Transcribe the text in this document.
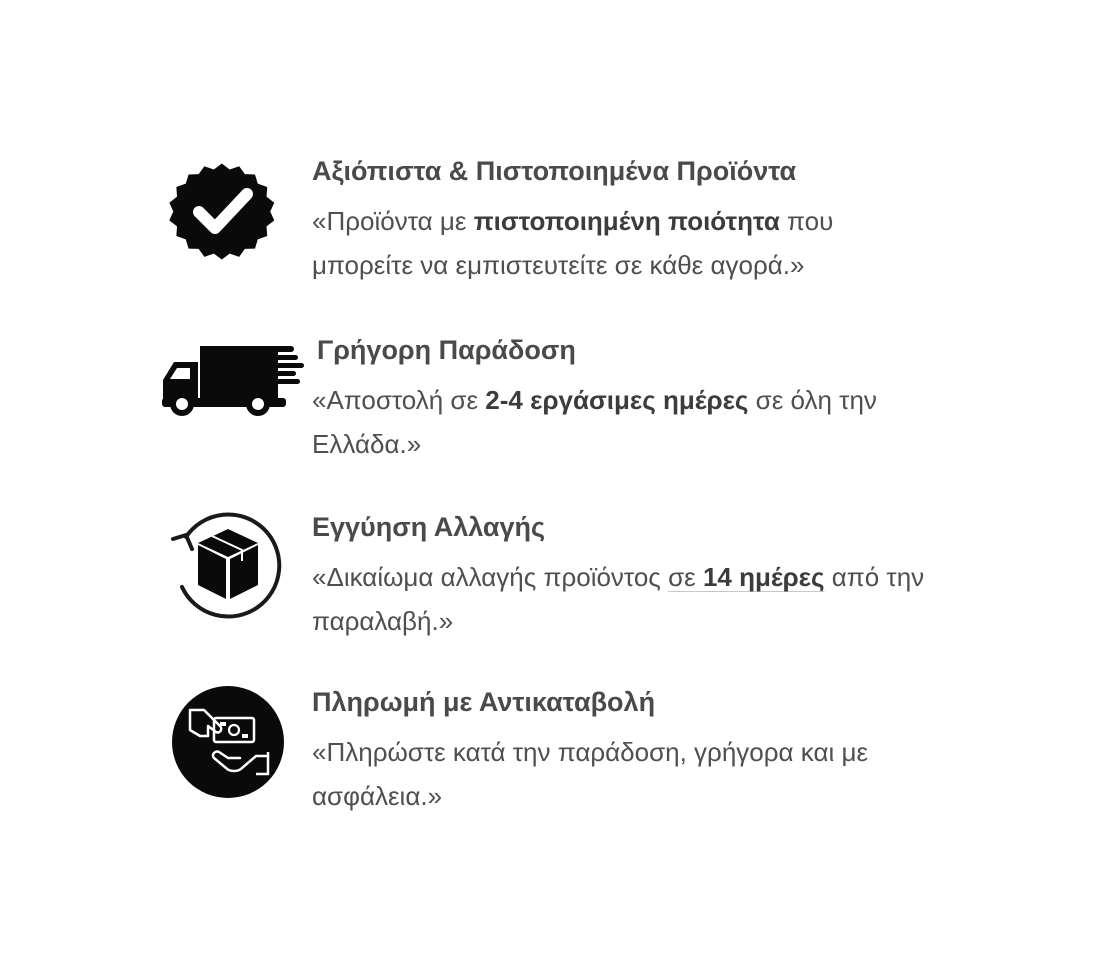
Αξιόπιστα & Πιστοποιημένα Προϊόντα

«Προϊόντα με πιστοποιημένη ποιότητα που μπορείτε να εμπιστευτείτε σε κάθε αγορά.»

Γρήγορη Παράδοση

«Αποστολή σε 2-4 εργάσιμες ημέρες σε όλη την Ελλάδα.»

Εγγύηση Αλλαγής

«Δικαίωμα αλλαγής προϊόντος σε 14 ημέρες από την παραλαβή.»

Πληρωμή με Αντικαταβολή

«Πληρώστε κατά την παράδοση, γρήγορα και με ασφάλεια.»
